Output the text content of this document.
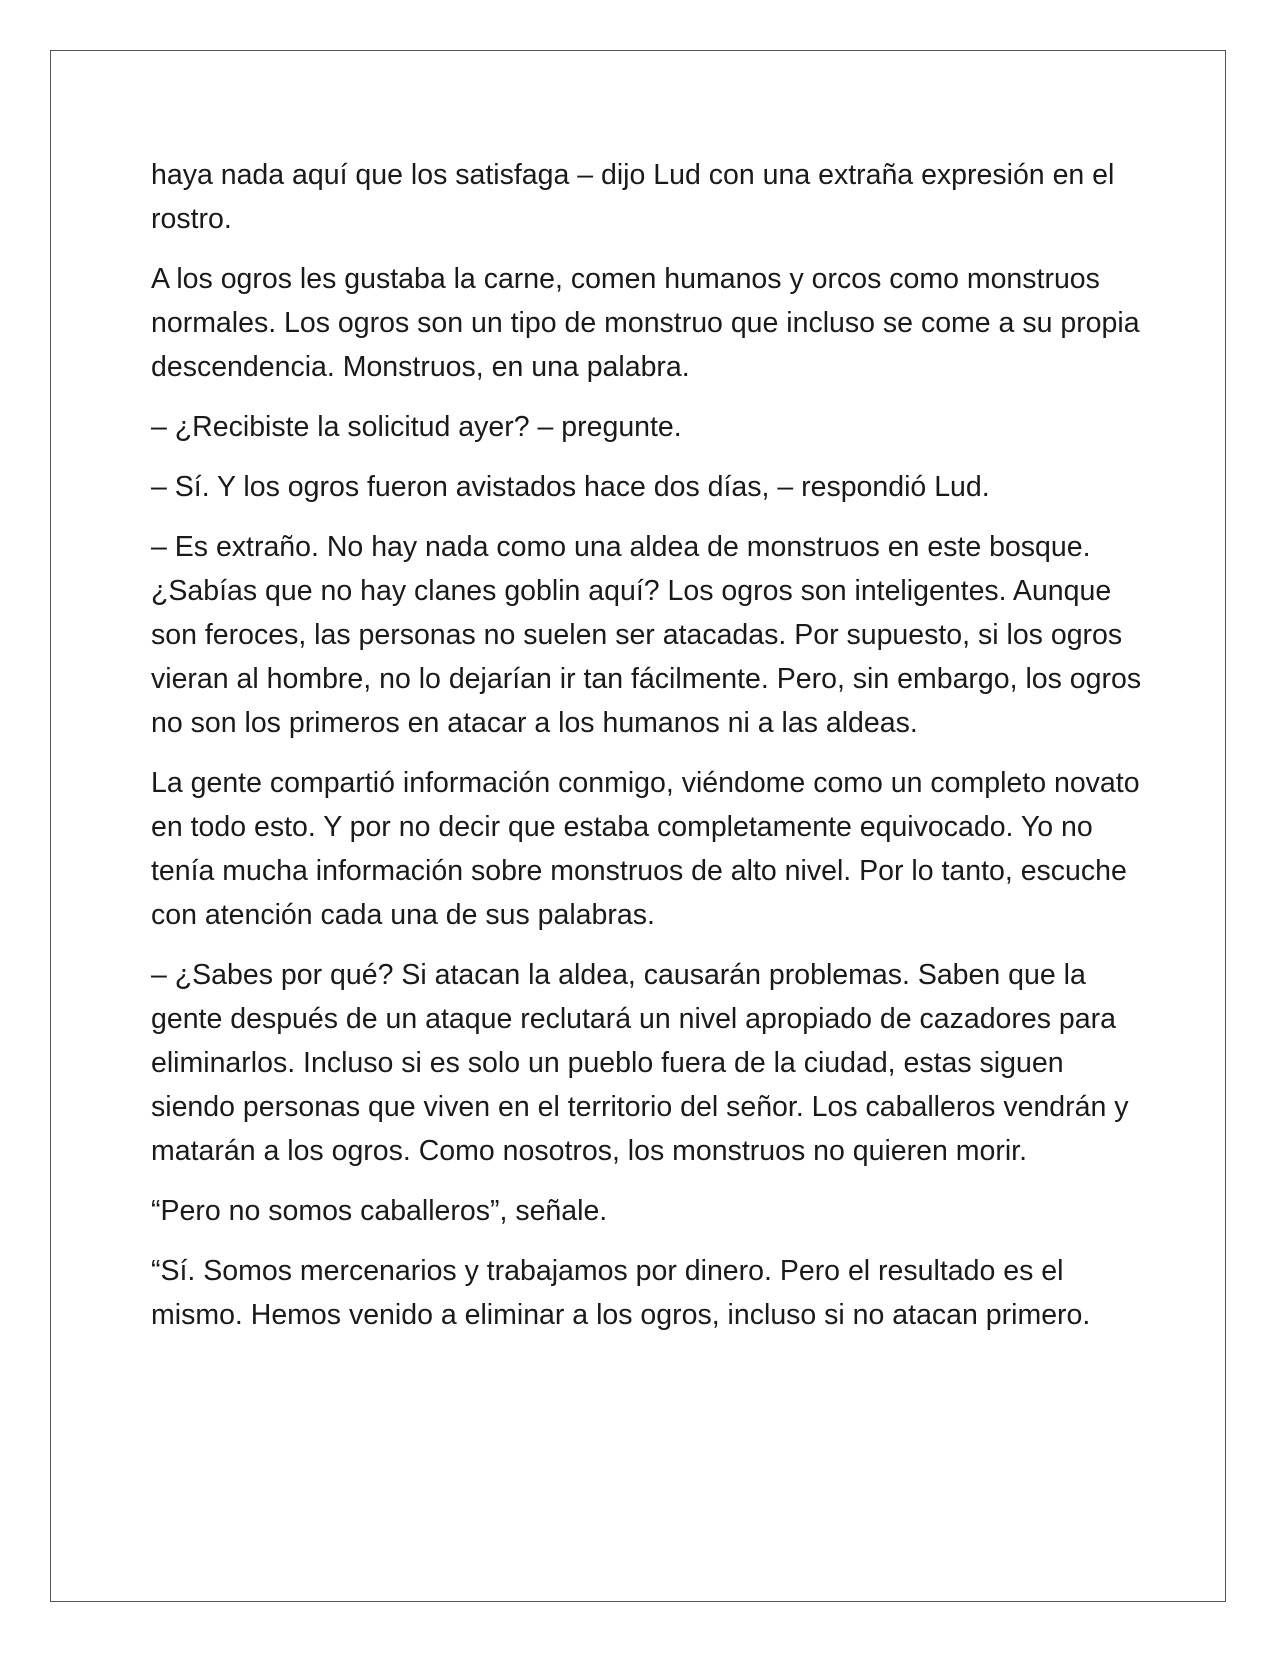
haya nada aquí que los satisfaga – dijo Lud con una extraña expresión en el rostro.

A los ogros les gustaba la carne, comen humanos y orcos como monstruos normales. Los ogros son un tipo de monstruo que incluso se come a su propia descendencia. Monstruos, en una palabra.

– ¿Recibiste la solicitud ayer? – pregunte.

– Sí. Y los ogros fueron avistados hace dos días, – respondió Lud.

– Es extraño. No hay nada como una aldea de monstruos en este bosque. ¿Sabías que no hay clanes goblin aquí? Los ogros son inteligentes. Aunque son feroces, las personas no suelen ser atacadas. Por supuesto, si los ogros vieran al hombre, no lo dejarían ir tan fácilmente. Pero, sin embargo, los ogros no son los primeros en atacar a los humanos ni a las aldeas.

La gente compartió información conmigo, viéndome como un completo novato en todo esto. Y por no decir que estaba completamente equivocado. Yo no tenía mucha información sobre monstruos de alto nivel. Por lo tanto, escuche con atención cada una de sus palabras.

– ¿Sabes por qué? Si atacan la aldea, causarán problemas. Saben que la gente después de un ataque reclutará un nivel apropiado de cazadores para eliminarlos. Incluso si es solo un pueblo fuera de la ciudad, estas siguen siendo personas que viven en el territorio del señor. Los caballeros vendrán y matarán a los ogros. Como nosotros, los monstruos no quieren morir.

“Pero no somos caballeros”, señale.

“Sí. Somos mercenarios y trabajamos por dinero. Pero el resultado es el mismo. Hemos venido a eliminar a los ogros, incluso si no atacan primero.
